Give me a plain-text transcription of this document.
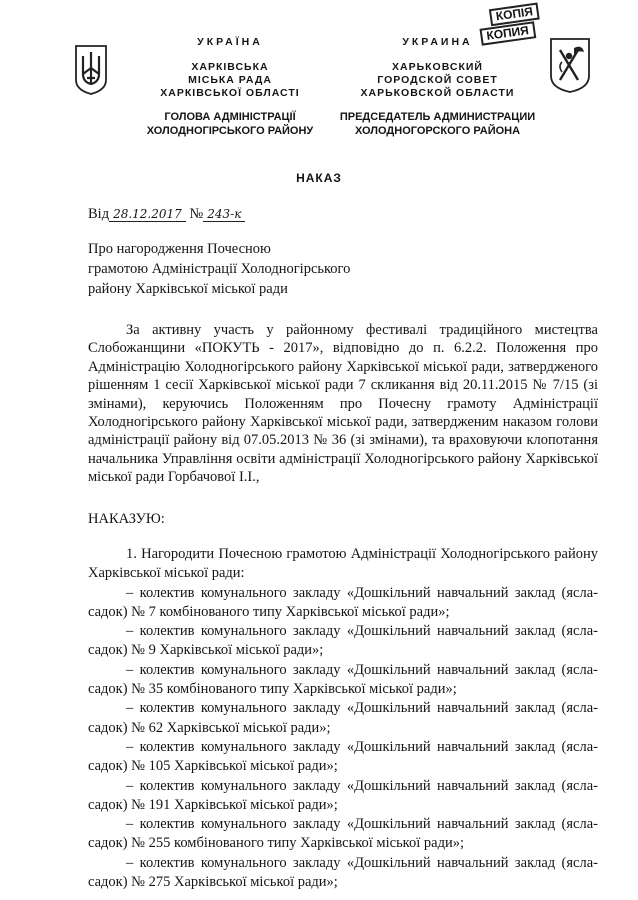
КОПІЯ
КОПИЯ
УКРАЇНА
ХАРКІВСЬКА
МІСЬКА РАДА
ХАРКІВСЬКОЇ ОБЛАСТІ
ГОЛОВА АДМІНІСТРАЦІЇ
ХОЛОДНОГІРСЬКОГО РАЙОНУ
УКРАИНА
ХАРЬКОВСКИЙ
ГОРОДСКОЙ СОВЕТ
ХАРЬКОВСКОЙ ОБЛАСТИ
ПРЕДСЕДАТЕЛЬ АДМИНИСТРАЦИИ
ХОЛОДНОГОРСКОГО РАЙОНА
НАКАЗ
Від 28.12.2017 № 243-к
Про нагородження Почесною
грамотою Адміністрації Холодногірського
району Харківської міської ради
За активну участь у районному фестивалі традиційного мистецтва Слобожанщини «ПОКУТЬ - 2017», відповідно до п. 6.2.2. Положення про Адміністрацію Холодногірського району Харківської міської ради, затвердженого рішенням 1 сесії Харківської міської ради 7 скликання від 20.11.2015 № 7/15 (зі змінами), керуючись Положенням про Почесну грамоту Адміністрації Холодногірського району Харківської міської ради, затвердженим наказом голови адміністрації району від 07.05.2013 № 36 (зі змінами), та враховуючи клопотання начальника Управління освіти адміністрації Холодногірського району Харківської міської ради Горбачової І.І.,
НАКАЗУЮ:
1. Нагородити Почесною грамотою Адміністрації Холодногірського району Харківської міської ради:
– колектив комунального закладу «Дошкільний навчальний заклад (ясла-садок) № 7 комбінованого типу Харківської міської ради»;
– колектив комунального закладу «Дошкільний навчальний заклад (ясла-садок) № 9 Харківської міської ради»;
– колектив комунального закладу «Дошкільний навчальний заклад (ясла-садок) № 35 комбінованого типу Харківської міської ради»;
– колектив комунального закладу «Дошкільний навчальний заклад (ясла-садок) № 62 Харківської міської ради»;
– колектив комунального закладу «Дошкільний навчальний заклад (ясла-садок) № 105 Харківської міської ради»;
– колектив комунального закладу «Дошкільний навчальний заклад (ясла-садок) № 191 Харківської міської ради»;
– колектив комунального закладу «Дошкільний навчальний заклад (ясла-садок) № 255 комбінованого типу Харківської міської ради»;
– колектив комунального закладу «Дошкільний навчальний заклад (ясла-садок) № 275 Харківської міської ради»;
